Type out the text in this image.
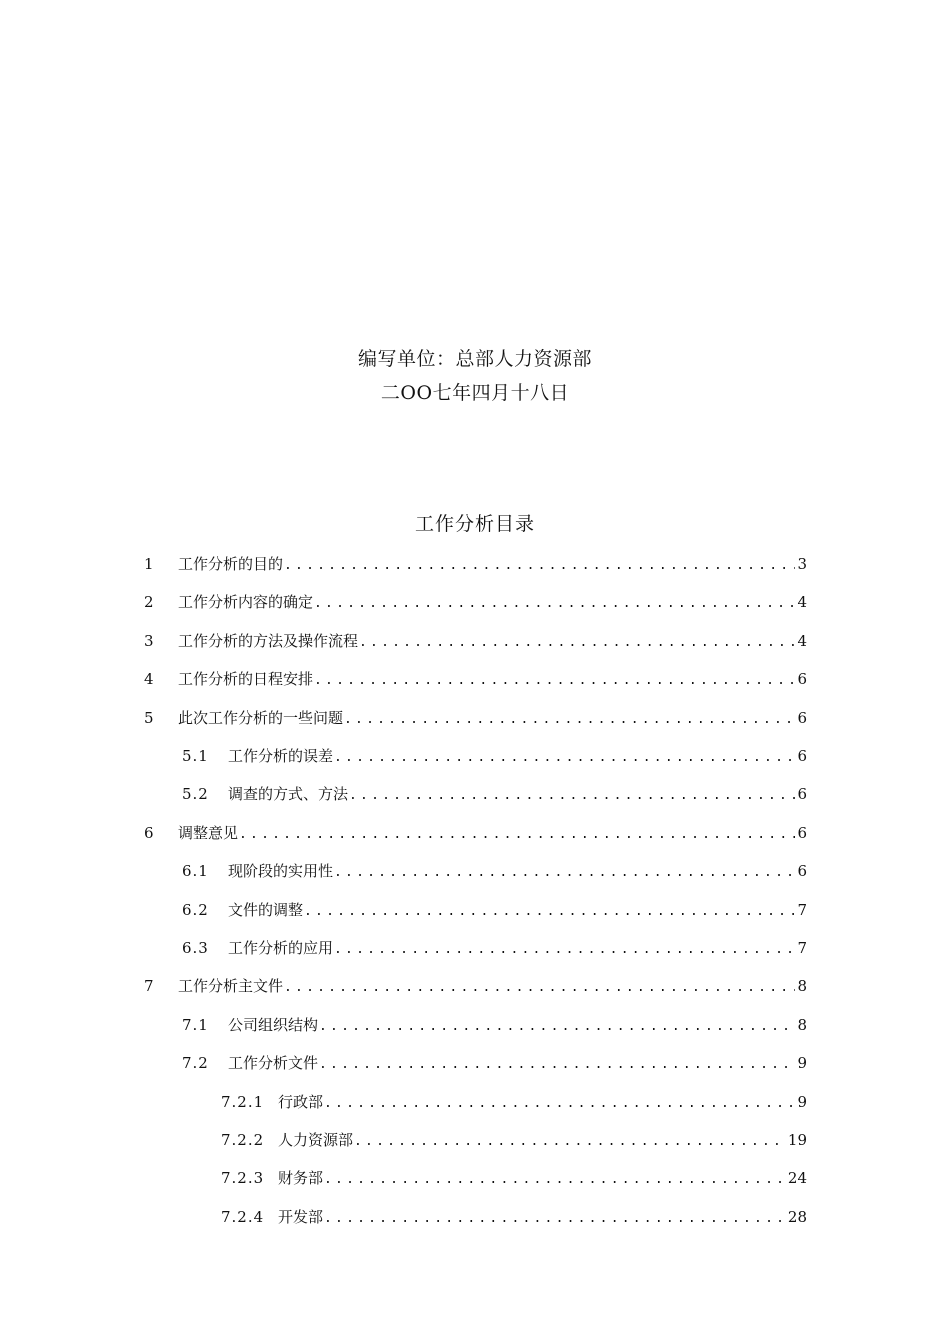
编写单位：总部人力资源部
二OO七年四月十八日
工作分析目录
1	工作分析的目的 .....	3
2	工作分析内容的确定 .....	4
3	工作分析的方法及操作流程 .....	4
4	工作分析的日程安排 .....	6
5	此次工作分析的一些问题 .....	6
5.1	工作分析的误差 .....	6
5.2	调查的方式、方法 .....	6
6	调整意见 .....	6
6.1	现阶段的实用性 .....	6
6.2	文件的调整 .....	7
6.3	工作分析的应用 .....	7
7	工作分析主文件 .....	8
7.1	公司组织结构 .....	8
7.2	工作分析文件 .....	9
7.2.1 行政部 .....	9
7.2.2 人力资源部 .....	19
7.2.3 财务部 .....	24
7.2.4 开发部 .....	28
